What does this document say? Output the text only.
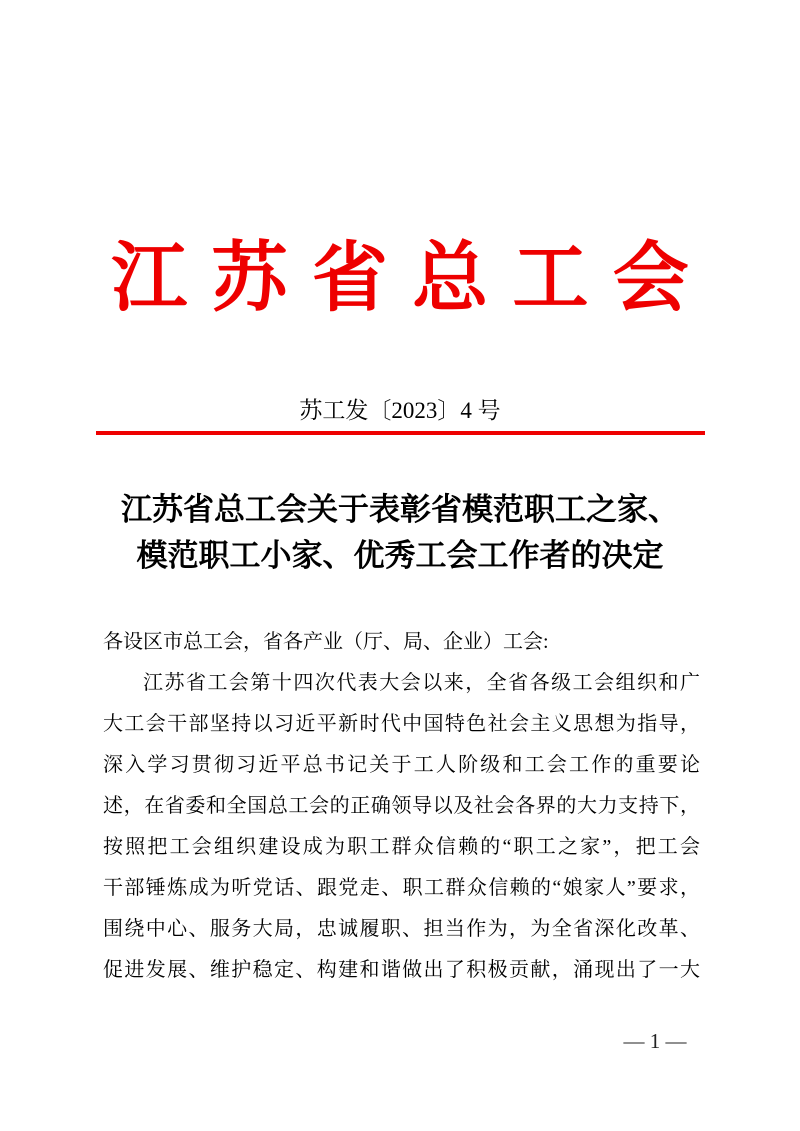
江苏省总工会
苏工发〔2023〕4 号
江苏省总工会关于表彰省模范职工之家、
模范职工小家、优秀工会工作者的决定
各设区市总工会，省各产业（厅、局、企业）工会:
江苏省工会第十四次代表大会以来，全省各级工会组织和广
大工会干部坚持以习近平新时代中国特色社会主义思想为指导，
深入学习贯彻习近平总书记关于工人阶级和工会工作的重要论
述，在省委和全国总工会的正确领导以及社会各界的大力支持下，
按照把工会组织建设成为职工群众信赖的“职工之家”，把工会
干部锤炼成为听党话、跟党走、职工群众信赖的“娘家人”要求，
围绕中心、服务大局，忠诚履职、担当作为，为全省深化改革、
促进发展、维护稳定、构建和谐做出了积极贡献，涌现出了一大
— 1 —
